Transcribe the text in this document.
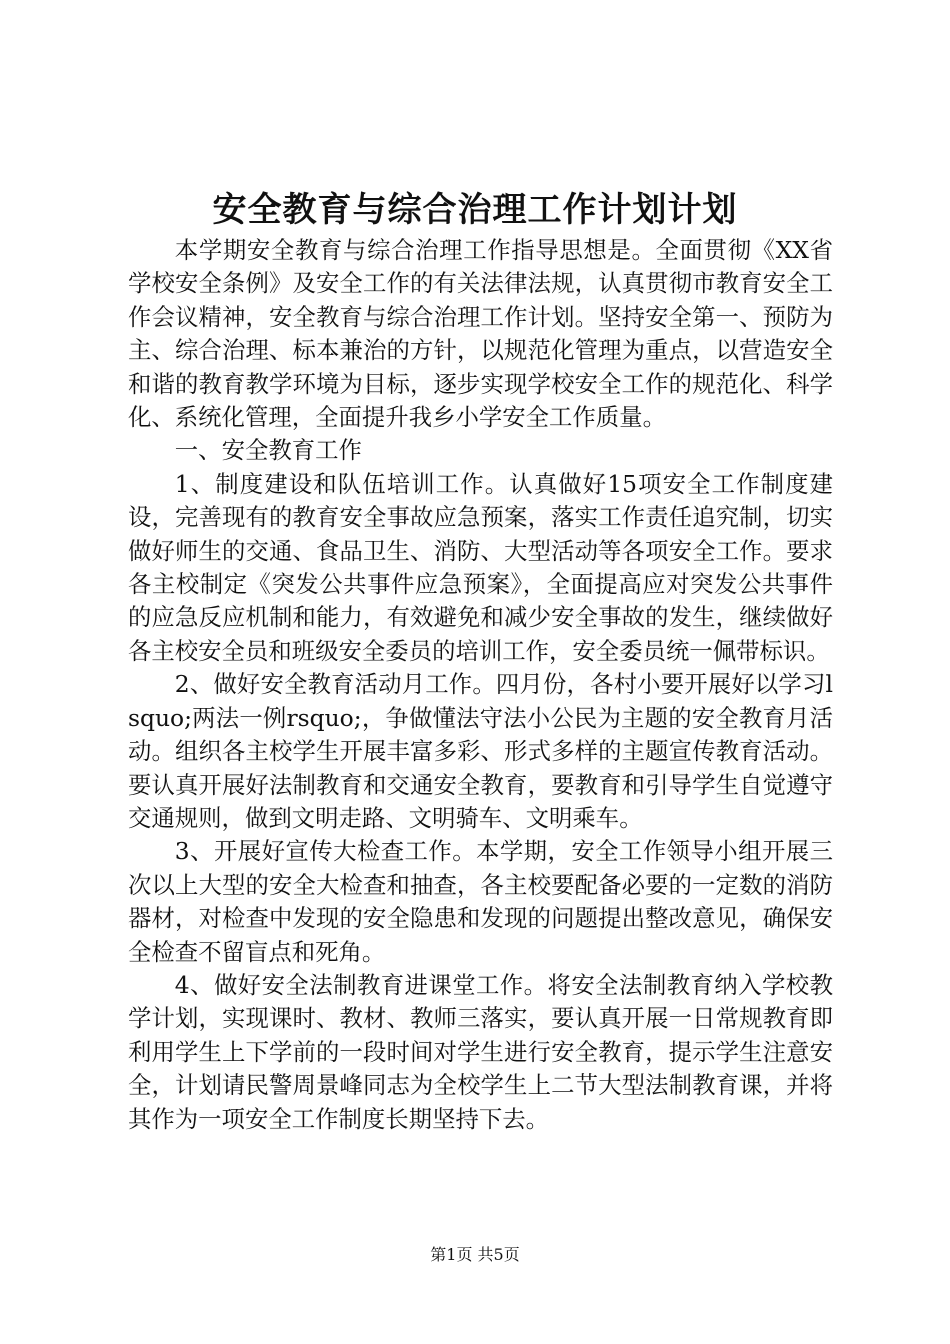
安全教育与综合治理工作计划计划

本学期安全教育与综合治理工作指导思想是。全面贯彻《XX省学校安全条例》及安全工作的有关法律法规，认真贯彻市教育安全工作会议精神，安全教育与综合治理工作计划。坚持安全第一、预防为主、综合治理、标本兼治的方针，以规范化管理为重点，以营造安全和谐的教育教学环境为目标，逐步实现学校安全工作的规范化、科学化、系统化管理，全面提升我乡小学安全工作质量。

一、安全教育工作

1、制度建设和队伍培训工作。认真做好15项安全工作制度建设，完善现有的教育安全事故应急预案，落实工作责任追究制，切实做好师生的交通、食品卫生、消防、大型活动等各项安全工作。要求各主校制定《突发公共事件应急预案》，全面提高应对突发公共事件的应急反应机制和能力，有效避免和减少安全事故的发生，继续做好各主校安全员和班级安全委员的培训工作，安全委员统一佩带标识。

2、做好安全教育活动月工作。四月份，各村小要开展好以学习lsquo;两法一例rsquo;，争做懂法守法小公民为主题的安全教育月活动。组织各主校学生开展丰富多彩、形式多样的主题宣传教育活动。要认真开展好法制教育和交通安全教育，要教育和引导学生自觉遵守交通规则，做到文明走路、文明骑车、文明乘车。

3、开展好宣传大检查工作。本学期，安全工作领导小组开展三次以上大型的安全大检查和抽查，各主校要配备必要的一定数的消防器材，对检查中发现的安全隐患和发现的问题提出整改意见，确保安全检查不留盲点和死角。

4、做好安全法制教育进课堂工作。将安全法制教育纳入学校教学计划，实现课时、教材、教师三落实，要认真开展一日常规教育即利用学生上下学前的一段时间对学生进行安全教育，提示学生注意安全，计划请民警周景峰同志为全校学生上二节大型法制教育课，并将其作为一项安全工作制度长期坚持下去。

第1页 共5页
